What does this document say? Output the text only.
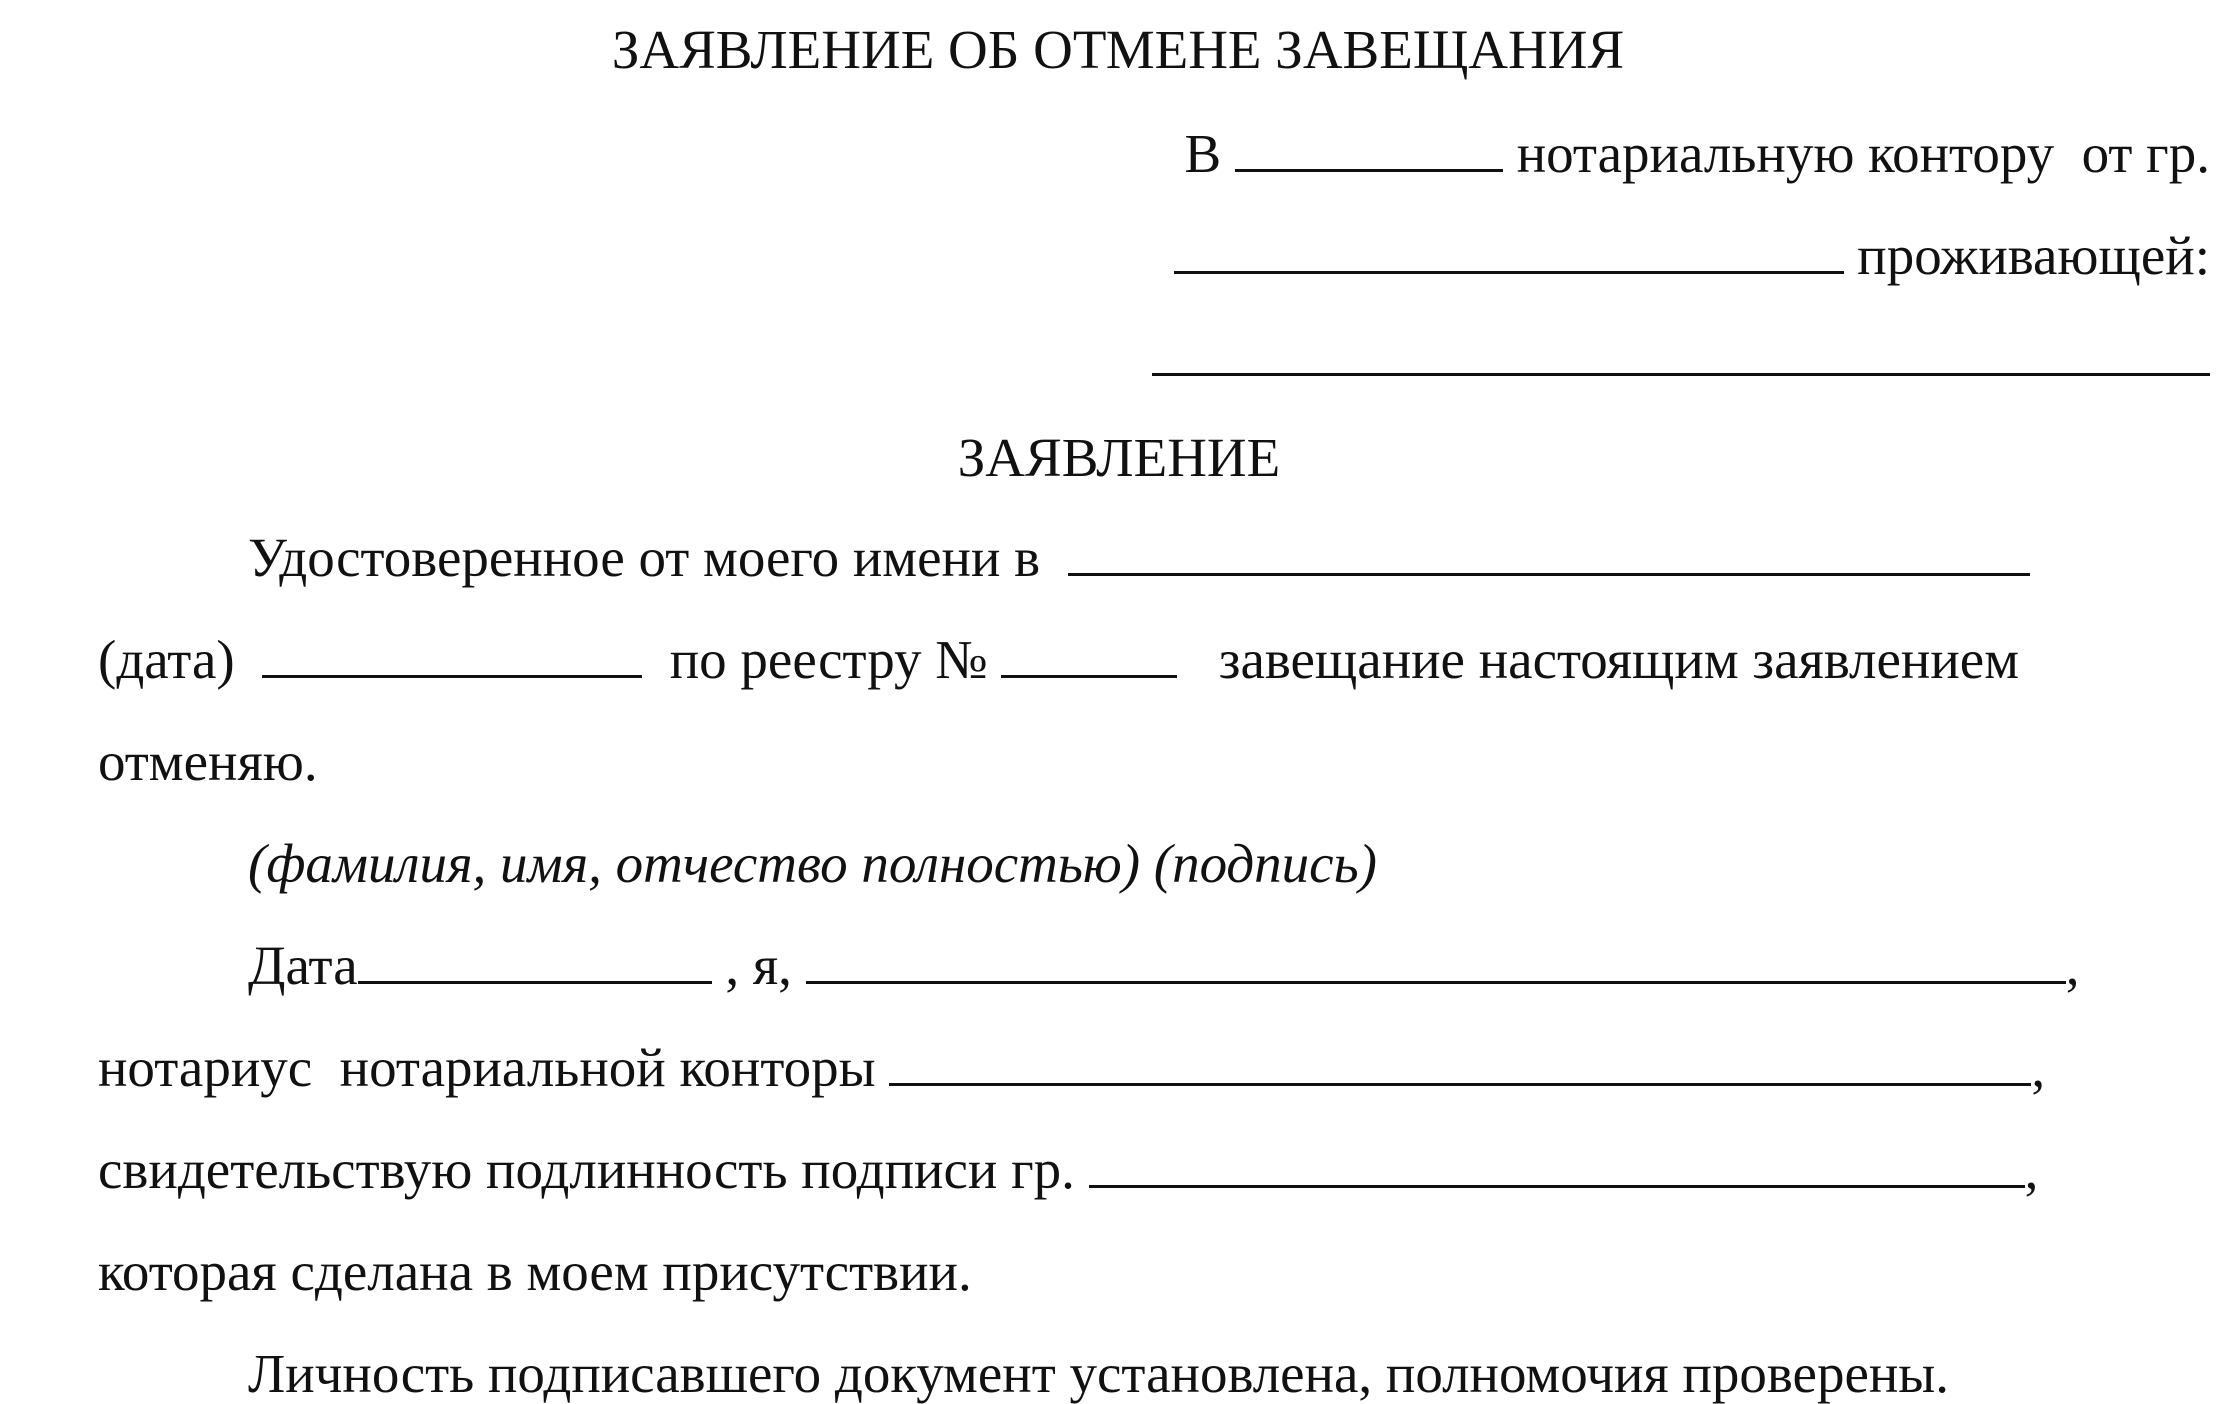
ЗАЯВЛЕНИЕ ОБ ОТМЕНЕ ЗАВЕЩАНИЯ
В	нотариальную контору  от гр.
проживающей:
ЗАЯВЛЕНИЕ
Удостоверенное от моего имени в
(дата)	по реестру №	завещание настоящим заявлением
отменяю.
(фамилия, имя, отчество полностью) (подпись)
Дата	, я,	,
нотариус  нотариальной конторы	,
свидетельствую подлинность подписи гр.	,
которая сделана в моем присутствии.
Личность подписавшего документ установлена, полномочия проверены.
